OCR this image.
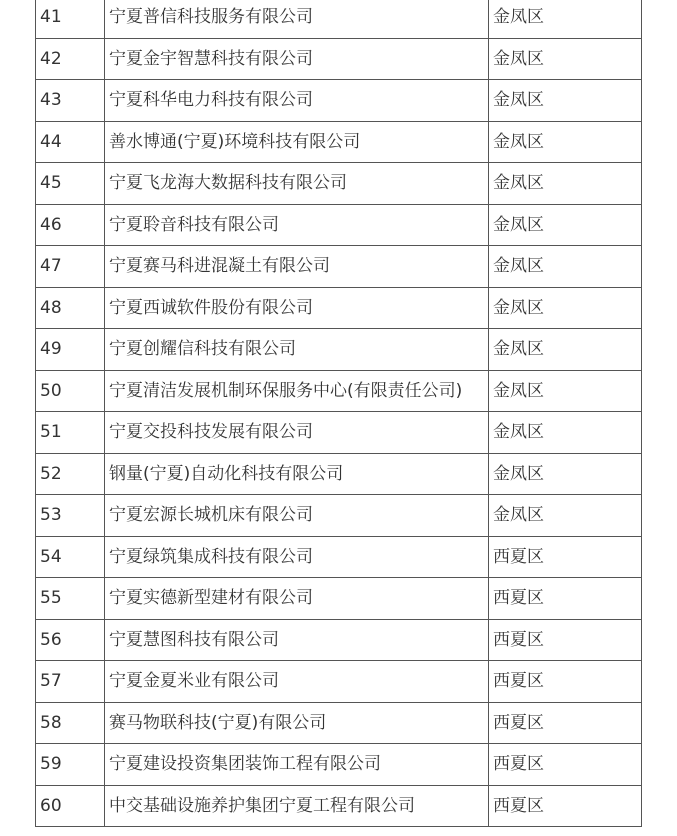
41	宁夏普信科技服务有限公司	金凤区
42	宁夏金宇智慧科技有限公司	金凤区
43	宁夏科华电力科技有限公司	金凤区
44	善水博通(宁夏)环境科技有限公司	金凤区
45	宁夏飞龙海大数据科技有限公司	金凤区
46	宁夏聆音科技有限公司	金凤区
47	宁夏赛马科进混凝土有限公司	金凤区
48	宁夏西诚软件股份有限公司	金凤区
49	宁夏创耀信科技有限公司	金凤区
50	宁夏清洁发展机制环保服务中心(有限责任公司)	金凤区
51	宁夏交投科技发展有限公司	金凤区
52	钢量(宁夏)自动化科技有限公司	金凤区
53	宁夏宏源长城机床有限公司	金凤区
54	宁夏绿筑集成科技有限公司	西夏区
55	宁夏实德新型建材有限公司	西夏区
56	宁夏慧图科技有限公司	西夏区
57	宁夏金夏米业有限公司	西夏区
58	赛马物联科技(宁夏)有限公司	西夏区
59	宁夏建设投资集团装饰工程有限公司	西夏区
60	中交基础设施养护集团宁夏工程有限公司	西夏区
